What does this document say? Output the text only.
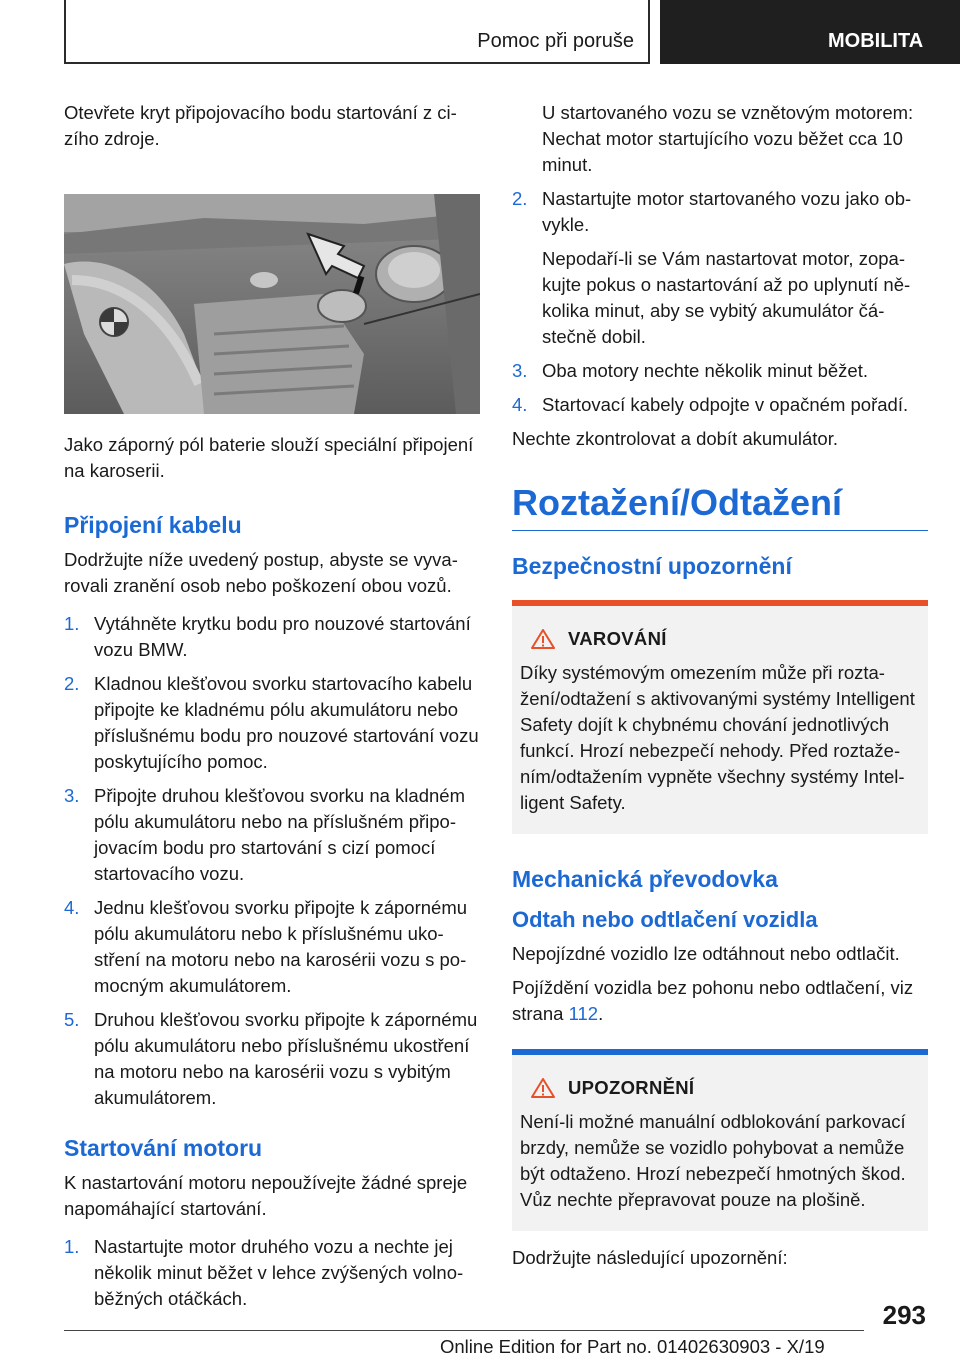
Pomoc při poruše	MOBILITA

Otevřete kryt připojovacího bodu startování z cizího zdroje.

Jako záporný pól baterie slouží speciální připojení na karoserii.

Připojení kabelu

Dodržujte níže uvedený postup, abyste se vyvarovali zranění osob nebo poškození obou vozů.

1. Vytáhněte krytku bodu pro nouzové startování vozu BMW.
2. Kladnou klešťovou svorku startovacího kabelu připojte ke kladnému pólu akumulátoru nebo příslušnému bodu pro nouzové startování vozu poskytujícího pomoc.
3. Připojte druhou klešťovou svorku na kladném pólu akumulátoru nebo na příslušném připojovacím bodu pro startování s cizí pomocí startovacího vozu.
4. Jednu klešťovou svorku připojte k zápornému pólu akumulátoru nebo k příslušnému ukostření na motoru nebo na karosérii vozu s pomocným akumulátorem.
5. Druhou klešťovou svorku připojte k zápornému pólu akumulátoru nebo příslušnému ukostření na motoru nebo na karosérii vozu s vybitým akumulátorem.
Startování motoru

K nastartování motoru nepoužívejte žádné spreje napomáhající startování.

1. Nastartujte motor druhého vozu a nechte jej několik minut běžet v lehce zvýšených volnoběžných otáčkách.

U startovaného vozu se vznětovým motorem: Nechat motor startujícího vozu běžet cca 10 minut.

2. Nastartujte motor startovaného vozu jako obvykle.
Nepodaří-li se Vám nastartovat motor, zopakujte pokus o nastartování až po uplynutí několika minut, aby se vybitý akumulátor částečně dobil.
3. Oba motory nechte několik minut běžet.
4. Startovací kabely odpojte v opačném pořadí.

Nechte zkontrolovat a dobít akumulátor.

Roztažení/Odtažení
Bezpečnostní upozornění
VAROVÁNÍ

Díky systémovým omezením může při roztažení/odtažení s aktivovanými systémy Intelligent Safety dojít k chybnému chování jednotlivých funkcí. Hrozí nebezpečí nehody. Před roztažením/odtažením vypněte všechny systémy Intelligent Safety.

Mechanická převodovka
Odtah nebo odtlačení vozidla

Nepojízdné vozidlo lze odtáhnout nebo odtlačit.

Pojíždění vozidla bez pohonu nebo odtlačení, viz strana 112.

UPOZORNĚNÍ

Není-li možné manuální odblokování parkovací brzdy, nemůže se vozidlo pohybovat a nemůže být odtaženo. Hrozí nebezpečí hmotných škod. Vůz nechte přepravovat pouze na plošině.

Dodržujte následující upozornění:

293
Online Edition for Part no. 01402630903 - X/19
